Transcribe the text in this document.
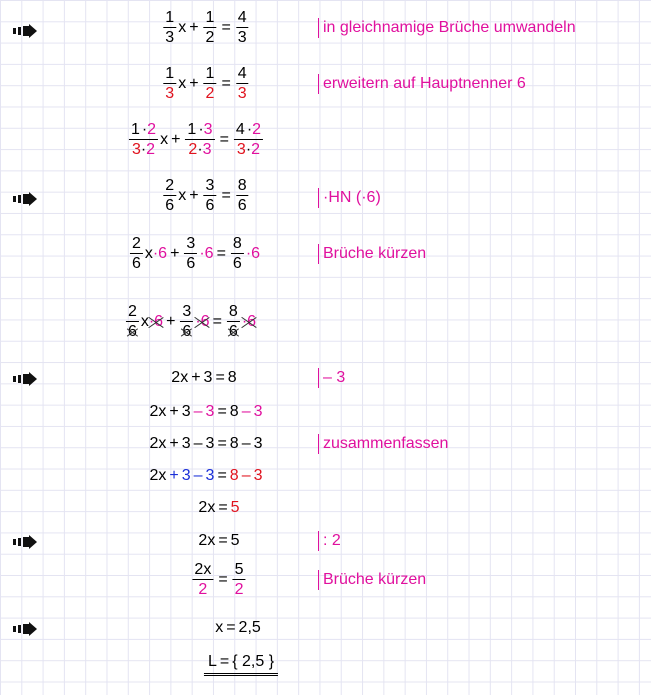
$\frac{1}{3}$ $x + \frac{1}{2} = \frac{4}{3}$	in gleichnamige Brüche umwandeln
$\frac{1}{3}$ $x + \frac{1}{2} = \frac{4}{3}$	erweitern auf Hauptnenner 6
$\frac{1 \cdot 2}{3\cdot 2}$ $x + \frac{1 \cdot 3}{2\cdot 3} = \frac{4 \cdot 2}{3\cdot 2}$
$\frac{2}{6}$ $x + \frac{3}{6} = \frac{8}{6}$	·HN (·6)
$\frac{2}{6}$ $x \cdot 6 + \frac{3}{6} \cdot 6 = \frac{8}{6} \cdot 6$	Brüche kürzen
$\frac{2}{6}$ $x \cdot 6 + \frac{3}{6} \cdot 6 = \frac{8}{6} \cdot 6$
2x + 3 = 8	– 3
2x + 3 – 3 = 8 – 3
2x + 3 – 3 = 8 – 3	zusammenfassen
2x + 3 – 3 = 8 – 3
2x = 5
2x = 5	: 2
$\frac{2x}{2} = \frac{5}{2}$	Brüche kürzen
x = 2,5
L = { 2,5 }
